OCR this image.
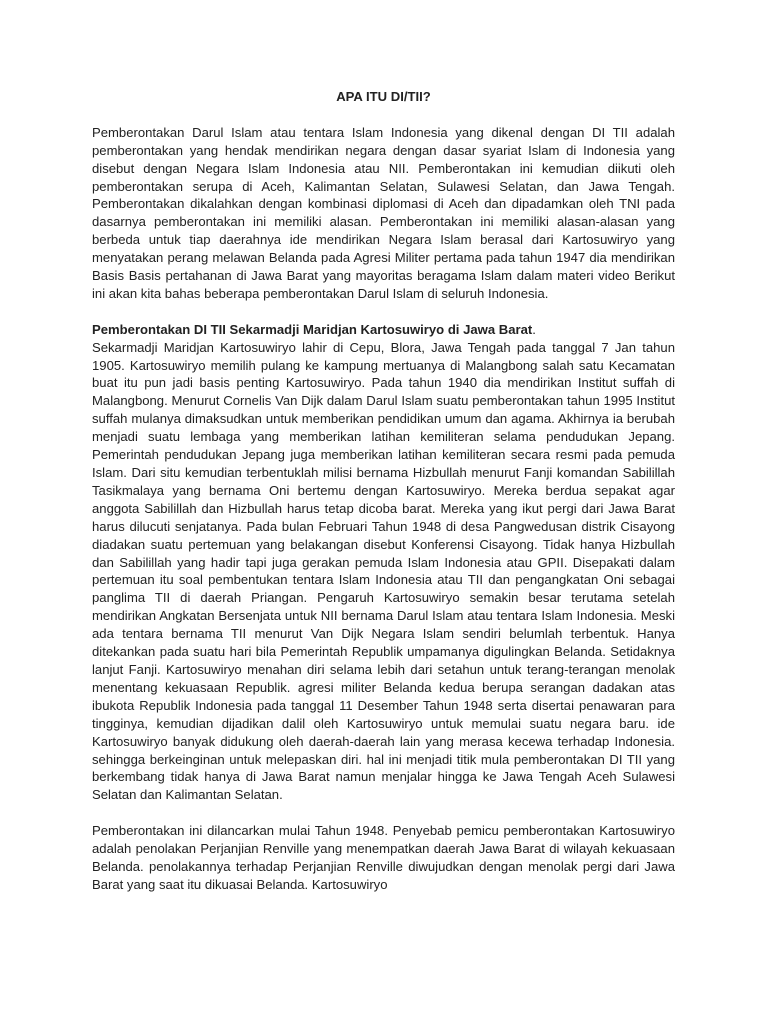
APA ITU DI/TII?

Pemberontakan Darul Islam atau tentara Islam Indonesia yang dikenal dengan DI TII adalah pemberontakan yang hendak mendirikan negara dengan dasar syariat Islam di Indonesia yang disebut dengan Negara Islam Indonesia atau NII. Pemberontakan ini kemudian diikuti oleh pemberontakan serupa di Aceh, Kalimantan Selatan, Sulawesi Selatan, dan Jawa Tengah. Pemberontakan dikalahkan dengan kombinasi diplomasi di Aceh dan dipadamkan oleh TNI pada dasarnya pemberontakan ini memiliki alasan. Pemberontakan ini memiliki alasan-alasan yang berbeda untuk tiap daerahnya ide mendirikan Negara Islam berasal dari Kartosuwiryo yang menyatakan perang melawan Belanda pada Agresi Militer pertama pada tahun 1947 dia mendirikan Basis Basis pertahanan di Jawa Barat yang mayoritas beragama Islam dalam materi video Berikut ini akan kita bahas beberapa pemberontakan Darul Islam di seluruh Indonesia.

Pemberontakan DI TII Sekarmadji Maridjan Kartosuwiryo di Jawa Barat.

Sekarmadji Maridjan Kartosuwiryo lahir di Cepu, Blora, Jawa Tengah pada tanggal 7 Jan tahun 1905. Kartosuwiryo memilih pulang ke kampung mertuanya di Malangbong salah satu Kecamatan buat itu pun jadi basis penting Kartosuwiryo. Pada tahun 1940 dia mendirikan Institut suffah di Malangbong. Menurut Cornelis Van Dijk dalam Darul Islam suatu pemberontakan tahun 1995 Institut suffah mulanya dimaksudkan untuk memberikan pendidikan umum dan agama. Akhirnya ia berubah menjadi suatu lembaga yang memberikan latihan kemiliteran selama pendudukan Jepang. Pemerintah pendudukan Jepang juga memberikan latihan kemiliteran secara resmi pada pemuda Islam. Dari situ kemudian terbentuklah milisi bernama Hizbullah menurut Fanji komandan Sabilillah Tasikmalaya yang bernama Oni bertemu dengan Kartosuwiryo. Mereka berdua sepakat agar anggota Sabilillah dan Hizbullah harus tetap dicoba barat. Mereka yang ikut pergi dari Jawa Barat harus dilucuti senjatanya. Pada bulan Februari Tahun 1948 di desa Pangwedusan distrik Cisayong diadakan suatu pertemuan yang belakangan disebut Konferensi Cisayong. Tidak hanya Hizbullah dan Sabilillah yang hadir tapi juga gerakan pemuda Islam Indonesia atau GPII. Disepakati dalam pertemuan itu soal pembentukan tentara Islam Indonesia atau TII dan pengangkatan Oni sebagai panglima TII di daerah Priangan. Pengaruh Kartosuwiryo semakin besar terutama setelah mendirikan Angkatan Bersenjata untuk NII bernama Darul Islam atau tentara Islam Indonesia. Meski ada tentara bernama TII menurut Van Dijk Negara Islam sendiri belumlah terbentuk. Hanya ditekankan pada suatu hari bila Pemerintah Republik umpamanya digulingkan Belanda. Setidaknya lanjut Fanji. Kartosuwiryo menahan diri selama lebih dari setahun untuk terang-terangan menolak menentang kekuasaan Republik. agresi militer Belanda kedua berupa serangan dadakan atas ibukota Republik Indonesia pada tanggal 11 Desember Tahun 1948 serta disertai penawaran para tingginya, kemudian dijadikan dalil oleh Kartosuwiryo untuk memulai suatu negara baru. ide Kartosuwiryo banyak didukung oleh daerah-daerah lain yang merasa kecewa terhadap Indonesia. sehingga berkeinginan untuk melepaskan diri. hal ini menjadi titik mula pemberontakan DI TII yang berkembang tidak hanya di Jawa Barat namun menjalar hingga ke Jawa Tengah Aceh Sulawesi Selatan dan Kalimantan Selatan.

Pemberontakan ini dilancarkan mulai Tahun 1948. Penyebab pemicu pemberontakan Kartosuwiryo adalah penolakan Perjanjian Renville yang menempatkan daerah Jawa Barat di wilayah kekuasaan Belanda. penolakannya terhadap Perjanjian Renville diwujudkan dengan menolak pergi dari Jawa Barat yang saat itu dikuasai Belanda. Kartosuwiryo
